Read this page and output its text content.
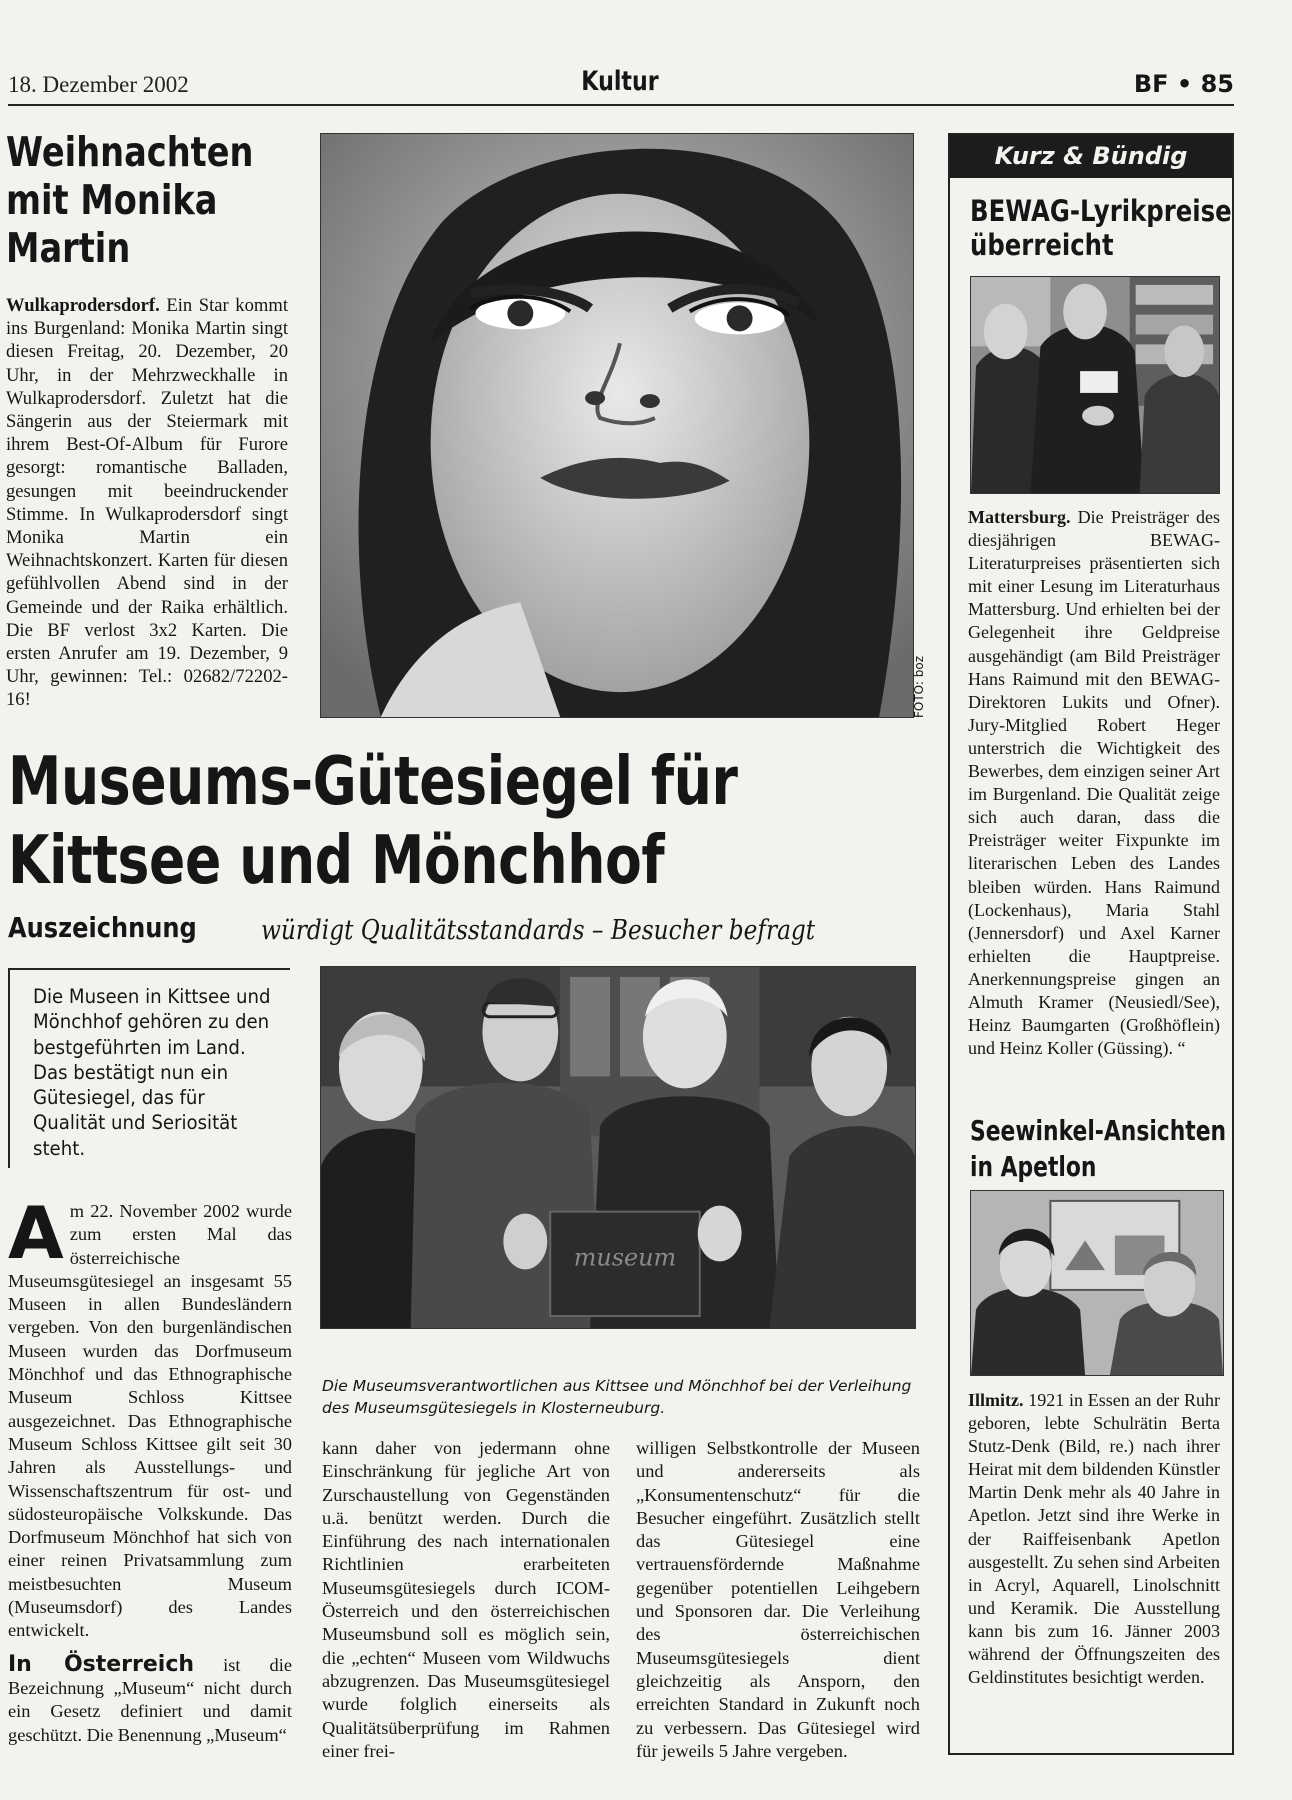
18. Dezember 2002	Kultur	BF • 85
Weihnachten
mit Monika
Martin
Wulkaprodersdorf. Ein Star kommt ins Burgenland: Monika Martin singt diesen Freitag, 20. Dezember, 20 Uhr, in der Mehrzweckhalle in Wulkaprodersdorf. Zuletzt hat die Sängerin aus der Steiermark mit ihrem Best-Of-Album für Furore gesorgt: romantische Balladen, gesungen mit beeindruckender Stimme. In Wulkaprodersdorf singt Monika Martin ein Weihnachtskonzert. Karten für diesen gefühlvollen Abend sind in der Gemeinde und der Raika erhältlich. Die BF verlost 3x2 Karten. Die ersten Anrufer am 19. Dezember, 9 Uhr, gewinnen: Tel.: 02682/72202-16!	FOTO: boz
Museums-Gütesiegel für
Kittsee und Mönchhof
Auszeichnung würdigt Qualitätsstandards – Besucher befragt
Die Museen in Kittsee und Mönchhof gehören zu den bestgeführten im Land. Das bestätigt nun ein Gütesiegel, das für Qualität und Seriosität steht.
museum
Die Museumsverantwortlichen aus Kittsee und Mönchhof bei der Verleihung des Museumsgütesiegels in Klosterneuburg.
A m 22. November 2002 wurde zum ersten Mal das österreichische Museumsgütesiegel an insgesamt 55 Museen in allen Bundesländern vergeben. Von den burgenländischen Museen wurden das Dorfmuseum Mönchhof und das Ethnographische Museum Schloss Kittsee ausgezeichnet. Das Ethnographische Museum Schloss Kittsee gilt seit 30 Jahren als Ausstellungs- und Wissenschaftszentrum für ost- und südosteuropäische Volkskunde. Das Dorfmuseum Mönchhof hat sich von einer reinen Privatsammlung zum meistbesuchten Museum (Museumsdorf) des Landes entwickelt.
In Österreich ist die Bezeichnung „Museum“ nicht durch ein Gesetz definiert und damit geschützt. Die Benennung „Museum“
kann daher von jedermann ohne Einschränkung für jegliche Art von Zurschaustellung von Gegenständen u.ä. benützt werden. Durch die Einführung des nach internationalen Richtlinien erarbeiteten Museumsgütesiegels durch ICOM-Österreich und den österreichischen Museumsbund soll es möglich sein, die „echten“ Museen vom Wildwuchs abzugrenzen. Das Museumsgütesiegel wurde folglich einerseits als Qualitätsüberprüfung im Rahmen einer frei-
willigen Selbstkontrolle der Museen und andererseits als „Konsumentenschutz“ für die Besucher eingeführt. Zusätzlich stellt das Gütesiegel eine vertrauensfördernde Maßnahme gegenüber potentiellen Leihgebern und Sponsoren dar. Die Verleihung des österreichischen Museumsgütesiegels dient gleichzeitig als Ansporn, den erreichten Standard in Zukunft noch zu verbessern. Das Gütesiegel wird für jeweils 5 Jahre vergeben.
Kurz & Bündig
BEWAG-Lyrikpreise
überreicht
Mattersburg. Die Preisträger des diesjährigen BEWAG-Literaturpreises präsentierten sich mit einer Lesung im Literaturhaus Mattersburg. Und erhielten bei der Gelegenheit ihre Geldpreise ausgehändigt (am Bild Preisträger Hans Raimund mit den BEWAG-Direktoren Lukits und Ofner). Jury-Mitglied Robert Heger unterstrich die Wichtigkeit des Bewerbes, dem einzigen seiner Art im Burgenland. Die Qualität zeige sich auch daran, dass die Preisträger weiter Fixpunkte im literarischen Leben des Landes bleiben würden. Hans Raimund (Lockenhaus), Maria Stahl (Jennersdorf) und Axel Karner erhielten die Hauptpreise. Anerkennungspreise gingen an Almuth Kramer (Neusiedl/See), Heinz Baumgarten (Großhöflein) und Heinz Koller (Güssing). “
Seewinkel-Ansichten
in Apetlon
Illmitz. 1921 in Essen an der Ruhr geboren, lebte Schulrätin Berta Stutz-Denk (Bild, re.) nach ihrer Heirat mit dem bildenden Künstler Martin Denk mehr als 40 Jahre in Apetlon. Jetzt sind ihre Werke in der Raiffeisenbank Apetlon ausgestellt. Zu sehen sind Arbeiten in Acryl, Aquarell, Linolschnitt und Keramik. Die Ausstellung kann bis zum 16. Jänner 2003 während der Öffnungszeiten des Geldinstitutes besichtigt werden.
